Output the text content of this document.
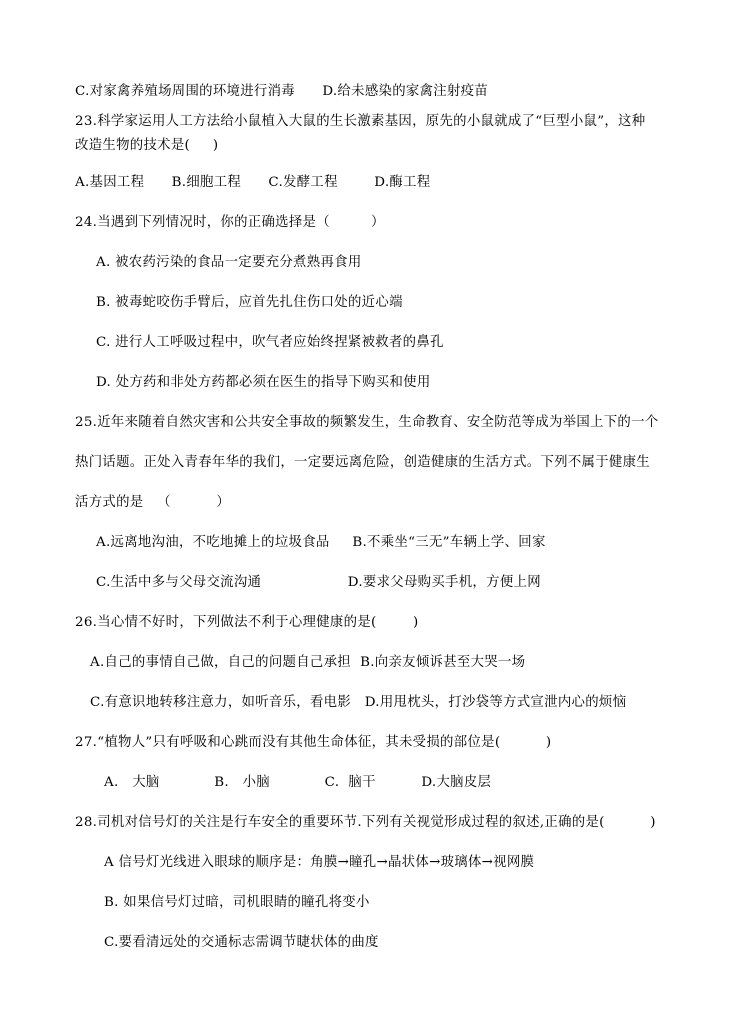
C.对家禽养殖场周围的环境进行消毒      D.给未感染的家禽注射疫苗
23.科学家运用人工方法给小鼠植入大鼠的生长激素基因，原先的小鼠就成了“巨型小鼠”，这种
改造生物的技术是(     )
A.基因工程      B.细胞工程      C.发酵工程        D.酶工程
24.当遇到下列情况时，你的正确选择是（         ）
A. 被农药污染的食品一定要充分煮熟再食用
B. 被毒蛇咬伤手臂后，应首先扎住伤口处的近心端
C. 进行人工呼吸过程中，吹气者应始终捏紧被救者的鼻孔
D. 处方药和非处方药都必须在医生的指导下购买和使用
25.近年来随着自然灾害和公共安全事故的频繁发生，生命教育、安全防范等成为举国上下的一个
热门话题。正处入青春年华的我们，一定要远离危险，创造健康的生活方式。下列不属于健康生
活方式的是   （          ）
A.远离地沟油，不吃地摊上的垃圾食品     B.不乘坐“三无”车辆上学、回家
C.生活中多与父母交流沟通                   D.要求父母购买手机，方便上网
26.当心情不好时，下列做法不利于心理健康的是(        )
A.自己的事情自己做，自己的问题自己承担  B.向亲友倾诉甚至大哭一场
C.有意识地转移注意力，如听音乐，看电影   D.用甩枕头，打沙袋等方式宣泄内心的烦恼
27.“植物人”只有呼吸和心跳而没有其他生命体征，其未受损的部位是(          )
A.   大脑            B.   小脑            C.  脑干          D.大脑皮层
28.司机对信号灯的关注是行车安全的重要环节.下列有关视觉形成过程的叙述,正确的是(          )
A 信号灯光线进入眼球的顺序是：角膜→瞳孔→晶状体→玻璃体→视网膜
B. 如果信号灯过暗，司机眼睛的瞳孔将变小
C.要看清远处的交通标志需调节睫状体的曲度
